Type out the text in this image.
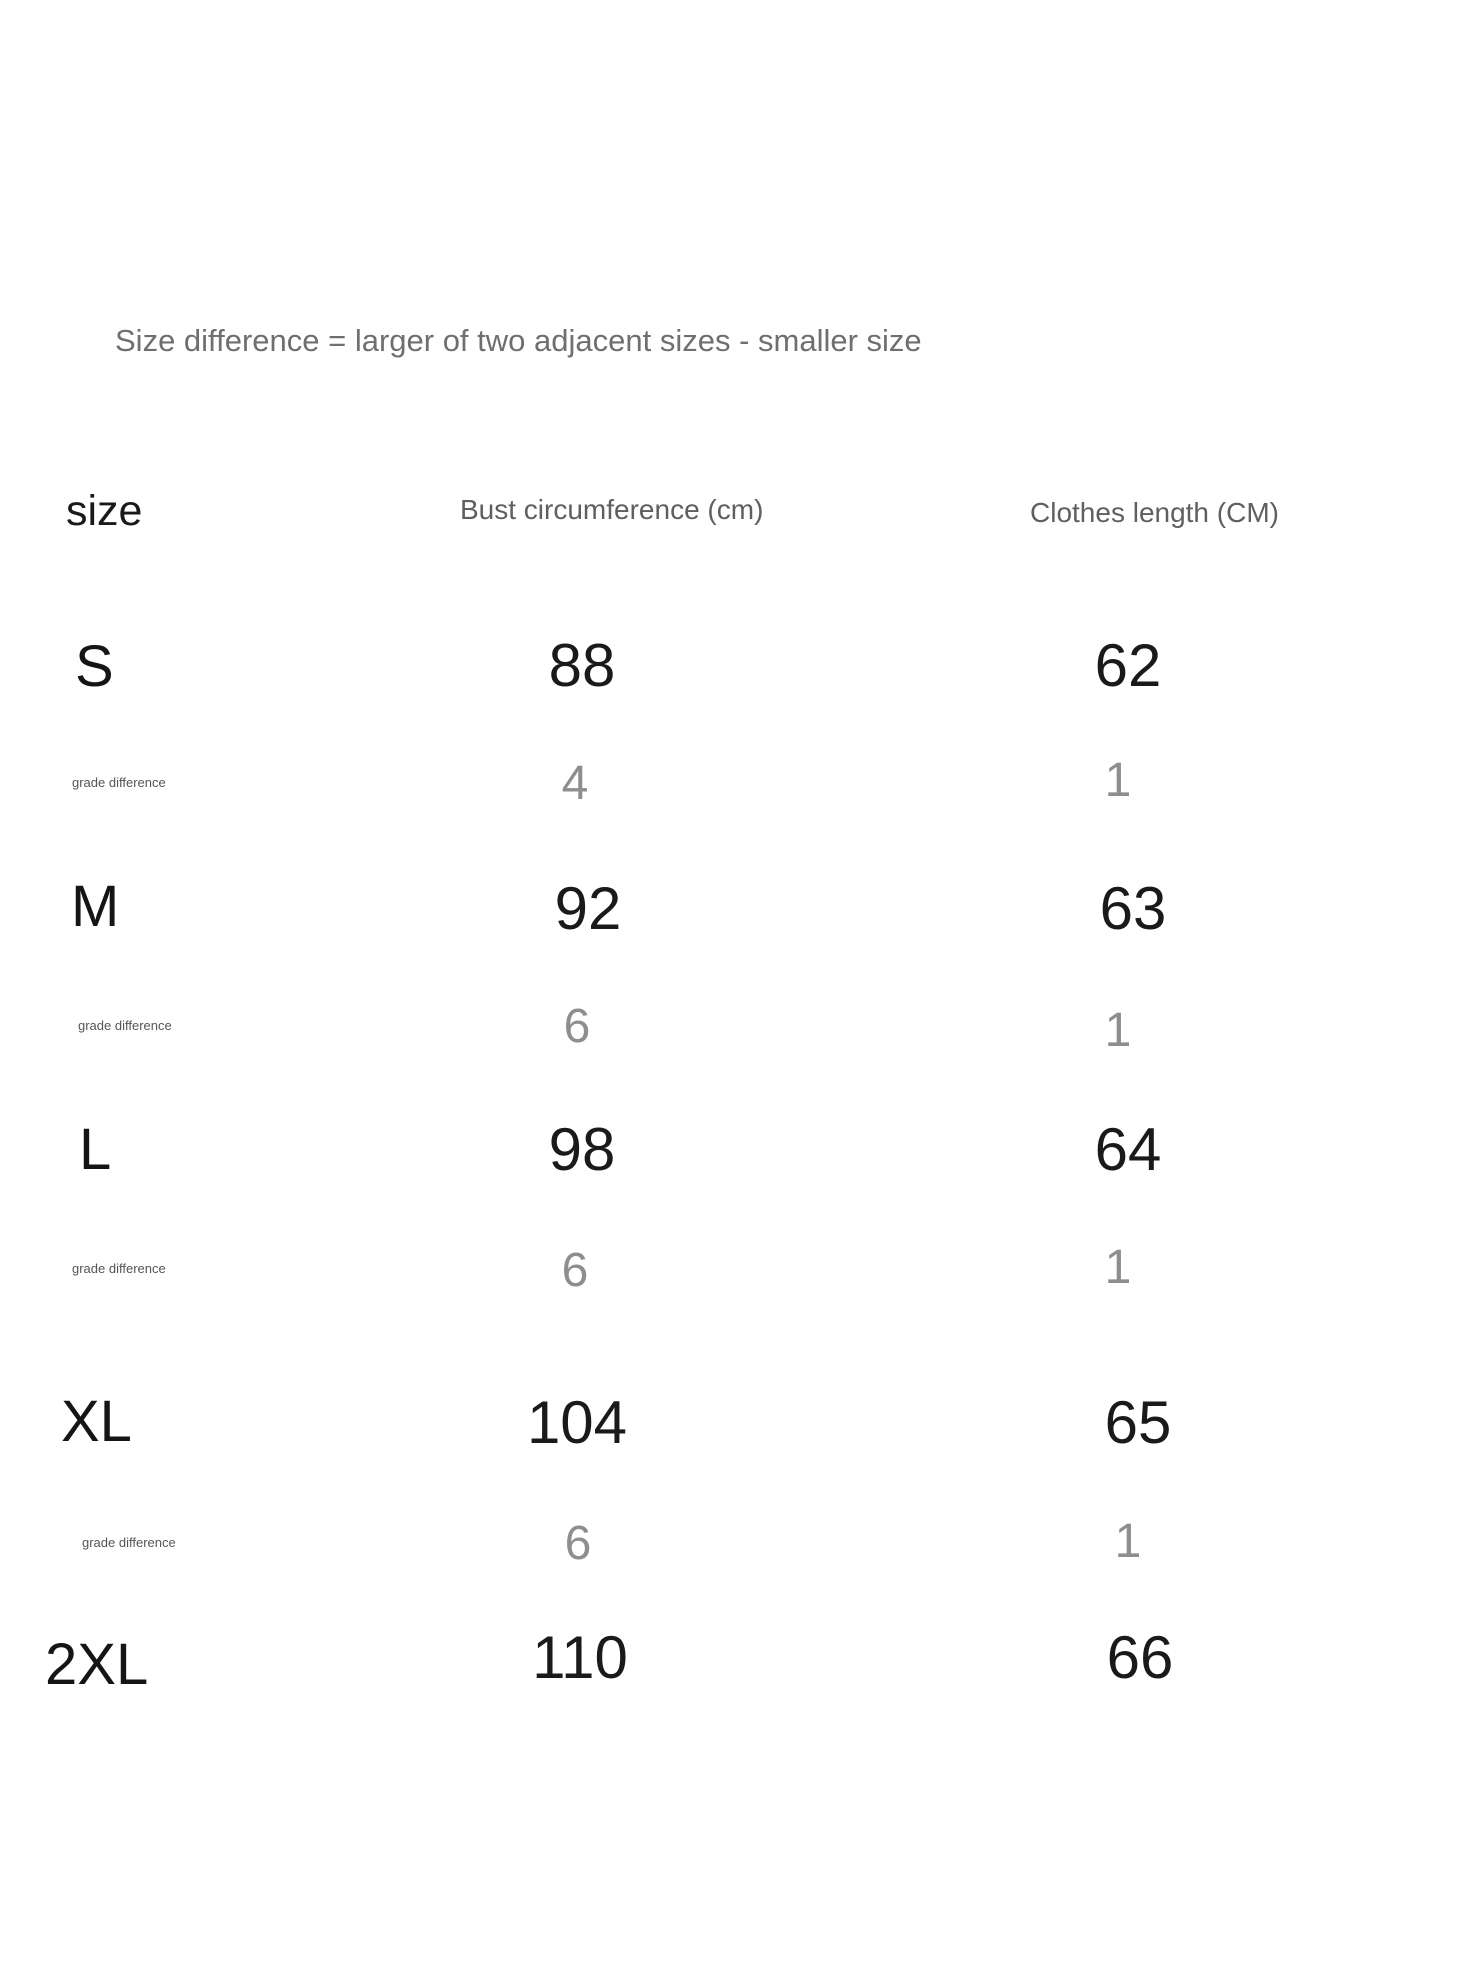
Size difference = larger of two adjacent sizes - smaller size
size	Bust circumference (cm)	Clothes length (CM)
S	88	62
grade difference	4	1
M	92	63
grade difference	6	1
L	98	64
grade difference	6	1
XL	104	65
grade difference	6	1
2XL	110	66
